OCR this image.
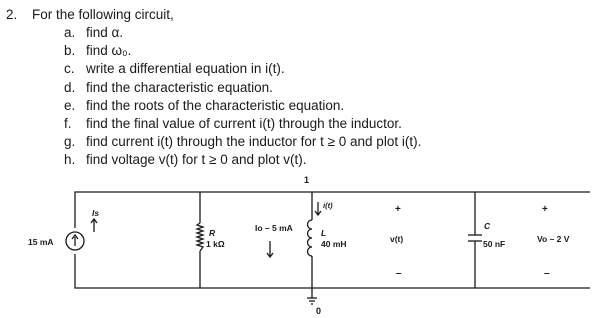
2.	For the following circuit,
a. find α.
b. find ω₀.
c. write a differential equation in i(t).
d. find the characteristic equation.
e. find the roots of the characteristic equation.
f.	find the final value of current i(t) through the inductor.
g. find current i(t) through the inductor for t ≥ 0 and plot i(t).
h. find voltage v(t) for t ≥ 0 and plot v(t).
1
0
15 mA
Is
R
1 kΩ
Io – 5 mA
i(t)
L
40 mH
+
v(t)
–
C
50 nF
+
Vo – 2 V
–
